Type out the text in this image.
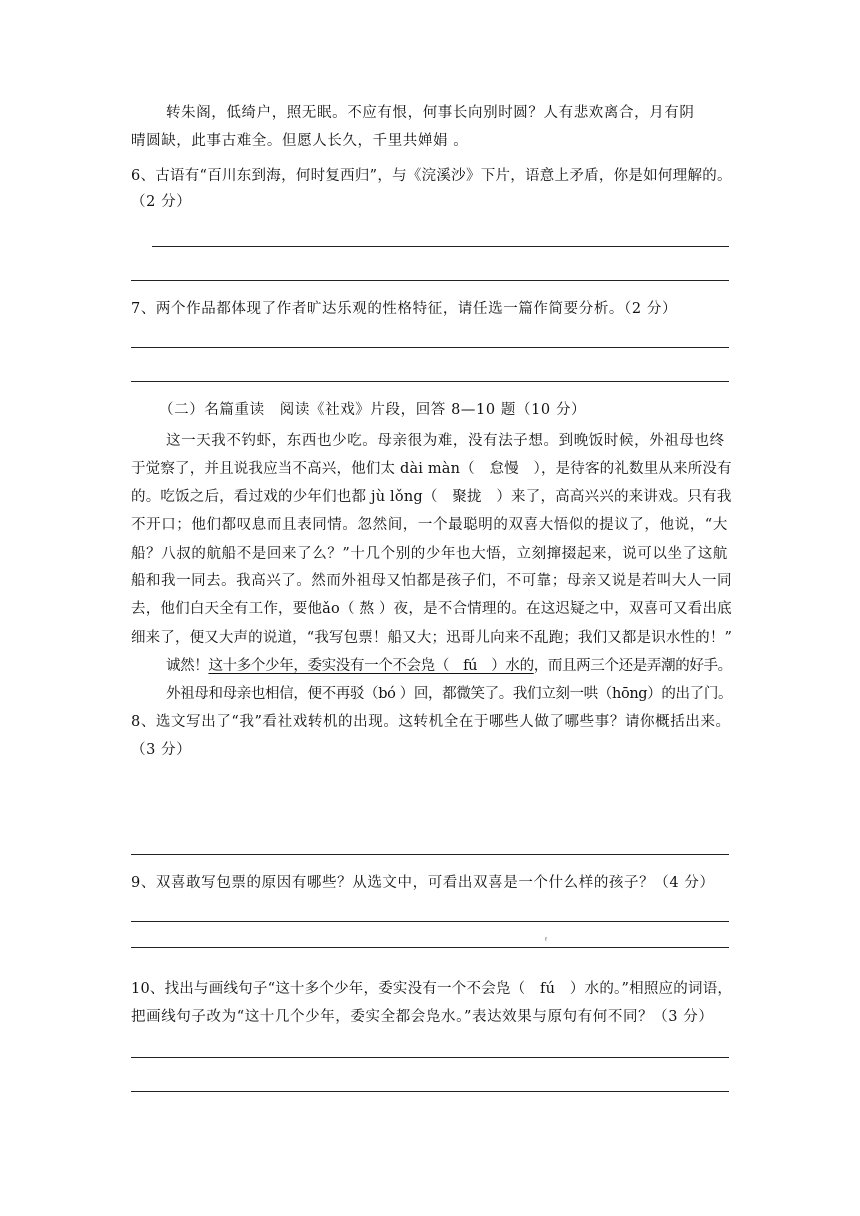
转朱阁，低绮户，照无眠。不应有恨，何事长向别时圆？人有悲欢离合，月有阴
晴圆缺，此事古难全。但愿人长久，千里共婵娟 。
6、古语有“百川东到海，何时复西归”，与《浣溪沙》下片，语意上矛盾，你是如何理解的。
（2 分）
7、两个作品都体现了作者旷达乐观的性格特征，请任选一篇作简要分析。（2 分）
（二）名篇重读　阅读《社戏》片段，回答 8—10 题（10 分）
这一天我不钓虾，东西也少吃。母亲很为难，没有法子想。到晚饭时候，外祖母也终
于觉察了，并且说我应当不高兴，他们太 dài màn（　怠慢　），是待客的礼数里从来所没有
的。吃饭之后，看过戏的少年们也都 jù lǒng（　聚拢　）来了，高高兴兴的来讲戏。只有我
不开口；他们都叹息而且表同情。忽然间，一个最聪明的双喜大悟似的提议了，他说，“大
船？八叔的航船不是回来了么？”十几个别的少年也大悟，立刻撺掇起来，说可以坐了这航
船和我一同去。我高兴了。然而外祖母又怕都是孩子们，不可靠；母亲又说是若叫大人一同
去，他们白天全有工作，要他ǎo（ 熬 ）夜，是不合情理的。在这迟疑之中，双喜可又看出底
细来了，便又大声的说道，“我写包票！船又大；迅哥儿向来不乱跑；我们又都是识水性的！”
诚然！这十多个少年，委实没有一个不会凫（　fú　）水的，而且两三个还是弄潮的好手。
外祖母和母亲也相信，便不再驳（bó ）回，都微笑了。我们立刻一哄（hōng）的出了门。
8、选文写出了“我”看社戏转机的出现。这转机全在于哪些人做了哪些事？请你概括出来。
（3 分）
9、双喜敢写包票的原因有哪些？从选文中，可看出双喜是一个什么样的孩子？（4 分）
ᶠ
10、找出与画线句子“这十多个少年，委实没有一个不会凫（　fú　）水的。”相照应的词语，
把画线句子改为“这十几个少年，委实全都会凫水。”表达效果与原句有何不同？（3 分）
